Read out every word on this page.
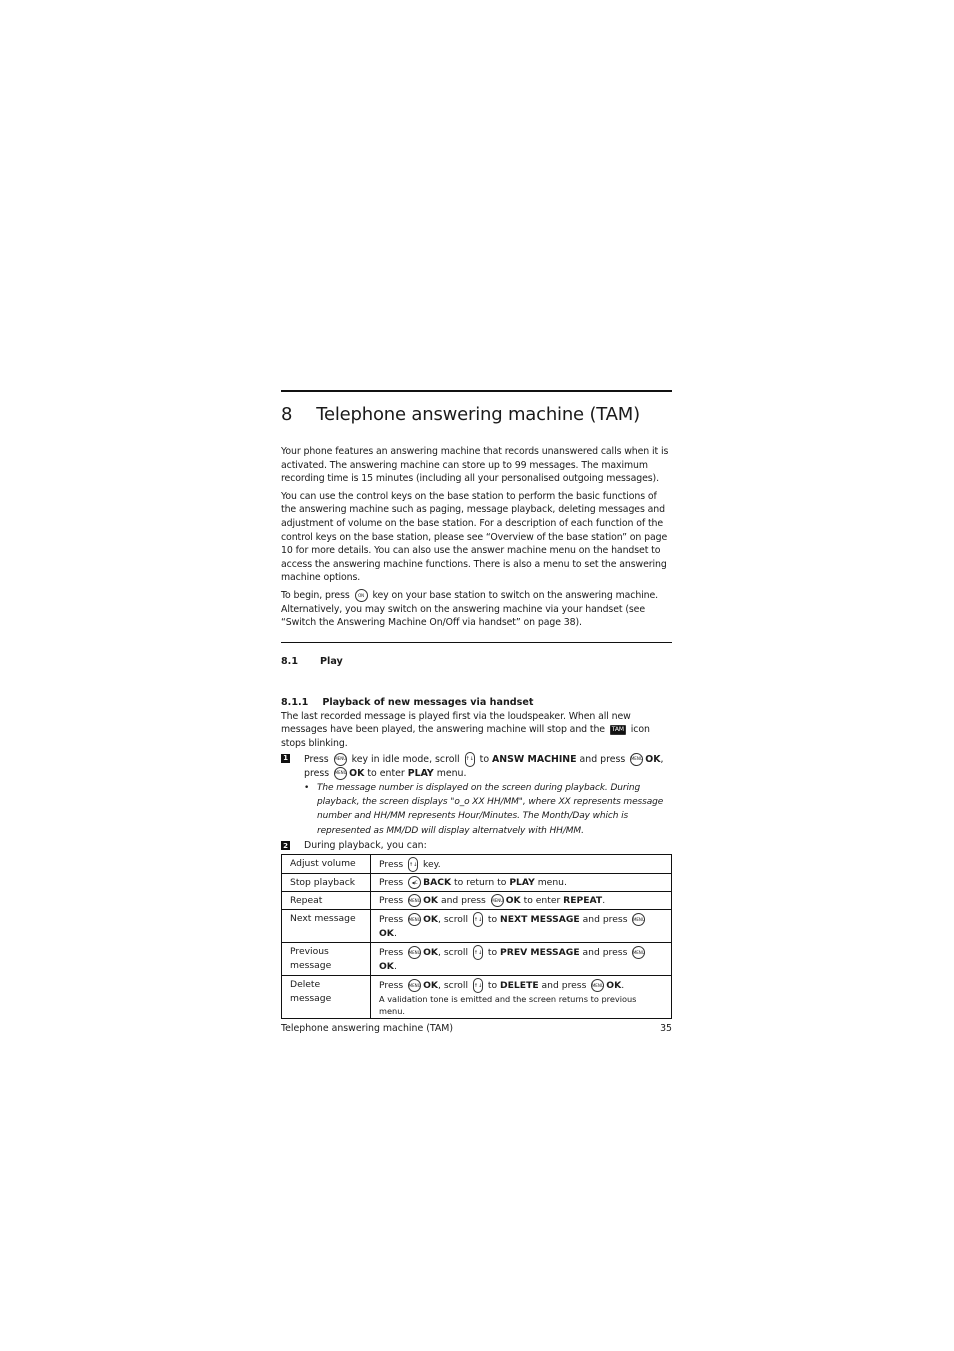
8 Telephone answering machine (TAM)

Your phone features an answering machine that records unanswered calls when it is activated. The answering machine can store up to 99 messages. The maximum recording time is 15 minutes (including all your personalised outgoing messages).

You can use the control keys on the base station to perform the basic functions of the answering machine such as paging, message playback, deleting messages and adjustment of volume on the base station. For a description of each function of the control keys on the base station, please see “Overview of the base station” on page 10 for more details. You can also use the answer machine menu on the handset to access the answering machine functions. There is also a menu to set the answering machine options.

To begin, press ON key on your base station to switch on the answering machine. Alternatively, you may switch on the answering machine via your handset (see “Switch the Answering Machine On/Off via handset” on page 38).

8.1 Play
8.1.1 Playback of new messages via handset

The last recorded message is played first via the loudspeaker. When all new messages have been played, the answering machine will stop and the TAM icon stops blinking.

1 Press MENU key in idle mode, scroll ↑↓ to ANSW MACHINE and press MENU OK,
press MENU OK to enter PLAY menu.
• The message number is displayed on the screen during playback. During playback, the screen displays "o_o XX HH/MM", where XX represents message number and HH/MM represents Hour/Minutes. The Month/Day which is represented as MM/DD will display alternatvely with HH/MM.
2 During playback, you can:
Adjust volume	Press ↑↓ key.
Stop playback	Press ◀C BACK to return to PLAY menu.
Repeat	Press MENU OK and press MENU OK to enter REPEAT.
Next message	Press MENU OK, scroll ↑↓ to NEXT MESSAGE and press MENUOK.
Previous message	Press MENU OK, scroll ↑↓ to PREV MESSAGE and press MENUOK.
Delete message	Press MENU OK, scroll ↑↓ to DELETE and press MENU OK.
A validation tone is emitted and the screen returns to previous menu.
Telephone answering machine (TAM)	35
